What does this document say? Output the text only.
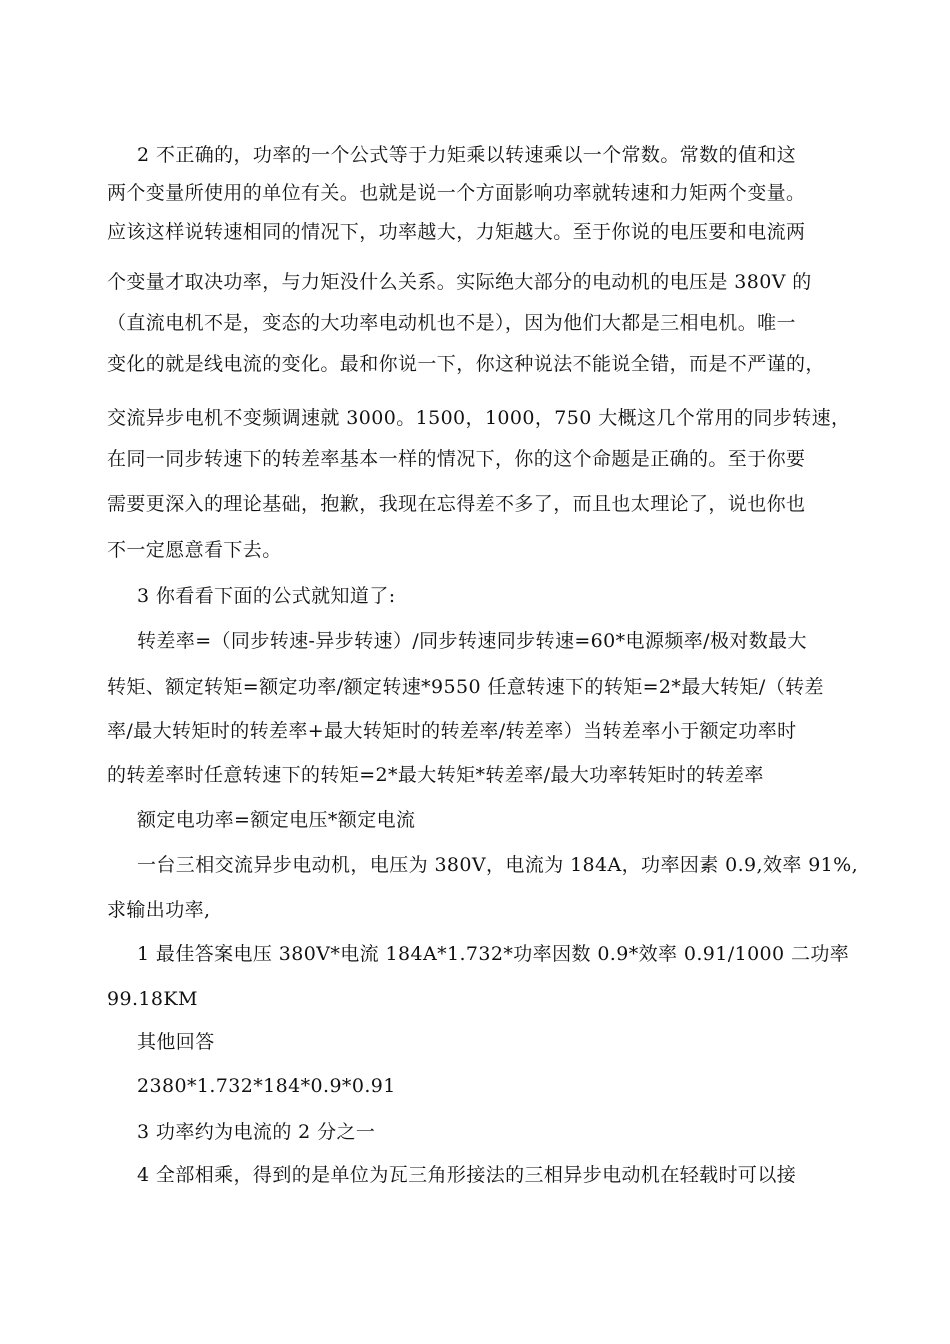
2 不正确的，功率的一个公式等于力矩乘以转速乘以一个常数。常数的值和这
两个变量所使用的单位有关。也就是说一个方面影响功率就转速和力矩两个变量。
应该这样说转速相同的情况下，功率越大，力矩越大。至于你说的电压要和电流两
个变量才取决功率，与力矩没什么关系。实际绝大部分的电动机的电压是 380V 的
（直流电机不是，变态的大功率电动机也不是），因为他们大都是三相电机。唯一
变化的就是线电流的变化。最和你说一下，你这种说法不能说全错，而是不严谨的，
交流异步电机不变频调速就 3000。1500，1000，750 大概这几个常用的同步转速，
在同一同步转速下的转差率基本一样的情况下，你的这个命题是正确的。至于你要
需要更深入的理论基础，抱歉，我现在忘得差不多了，而且也太理论了，说也你也
不一定愿意看下去。
3 你看看下面的公式就知道了:
转差率=（同步转速-异步转速）/同步转速同步转速=60*电源频率/极对数最大
转矩、额定转矩=额定功率/额定转速*9550 任意转速下的转矩=2*最大转矩/（转差
率/最大转矩时的转差率+最大转矩时的转差率/转差率）当转差率小于额定功率时
的转差率时任意转速下的转矩=2*最大转矩*转差率/最大功率转矩时的转差率
额定电功率=额定电压*额定电流
一台三相交流异步电动机，电压为 380V，电流为 184A，功率因素 0.9,效率 91%,
求输出功率,
1 最佳答案电压 380V*电流 184A*1.732*功率因数 0.9*效率 0.91/1000 二功率
99.18KM
其他回答
2380*1.732*184*0.9*0.91
3 功率约为电流的 2 分之一
4 全部相乘，得到的是单位为瓦三角形接法的三相异步电动机在轻载时可以接
